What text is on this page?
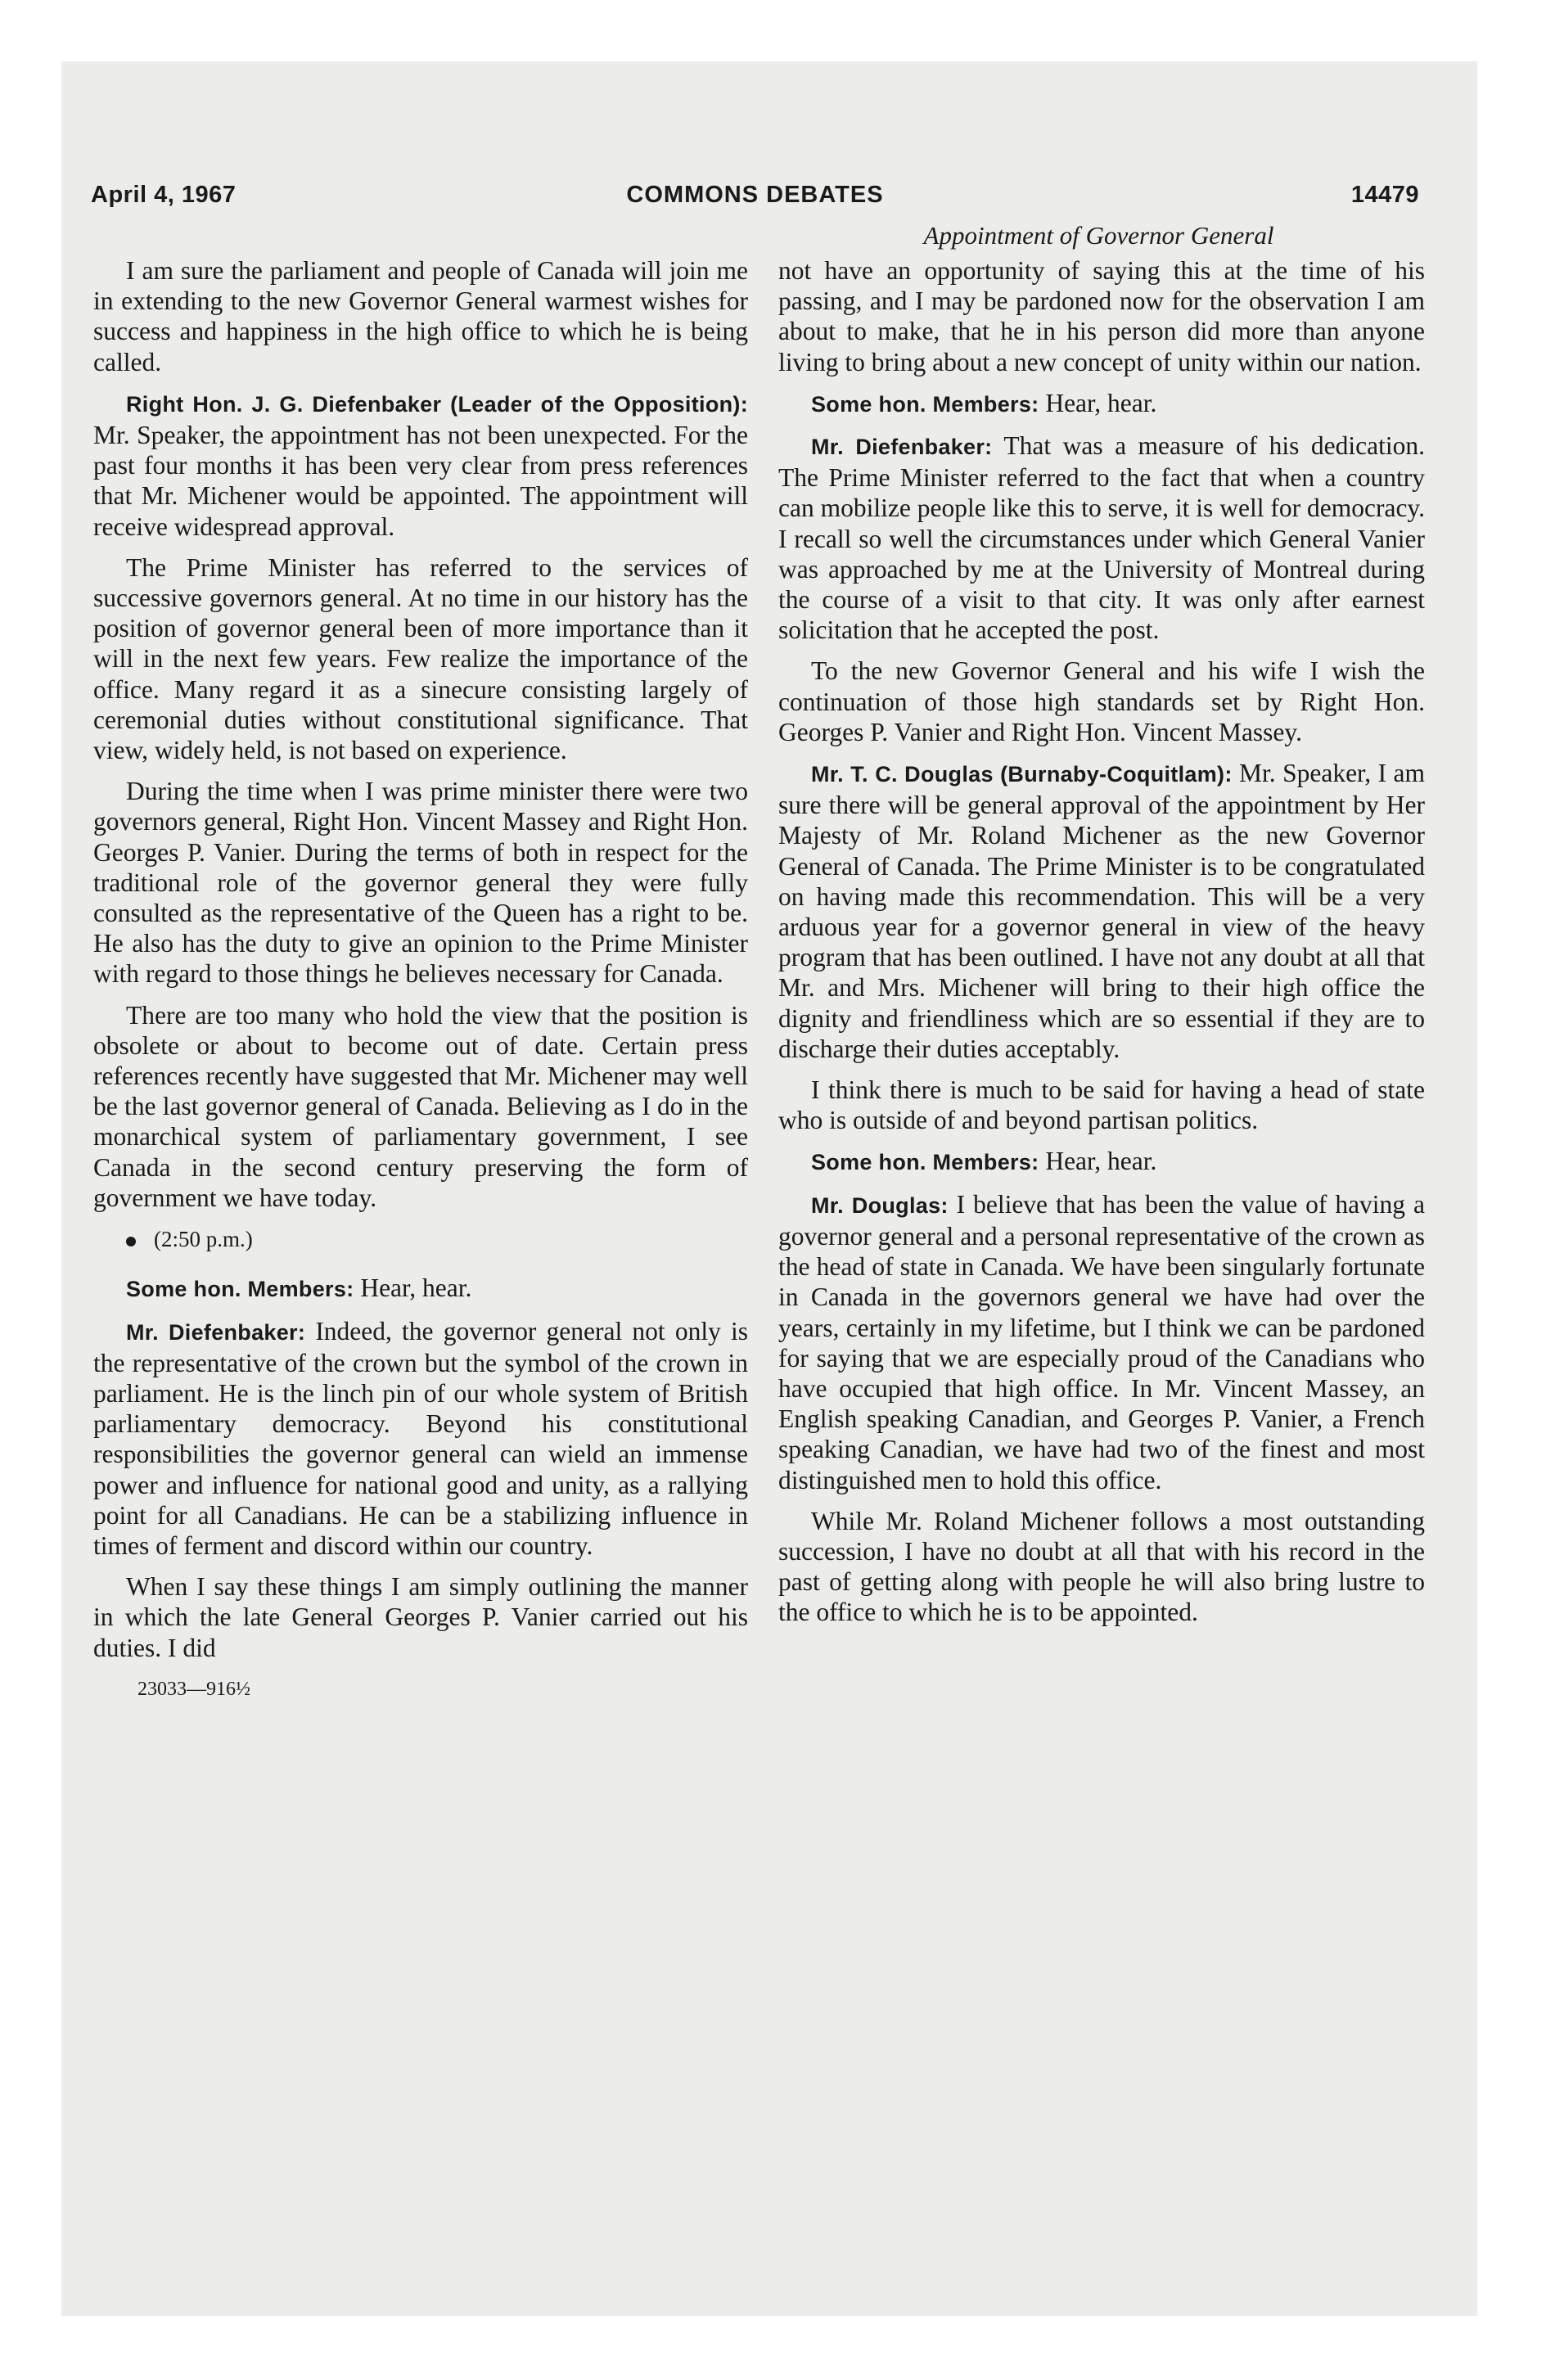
April 4, 1967	COMMONS DEBATES	14479
Appointment of Governor General

I am sure the parliament and people of Canada will join me in extending to the new Governor General warmest wishes for success and happiness in the high office to which he is being called.

Right Hon. J. G. Diefenbaker (Leader of the Opposition): Mr. Speaker, the appointment has not been unexpected. For the past four months it has been very clear from press references that Mr. Michener would be appointed. The appointment will receive widespread approval.

The Prime Minister has referred to the services of successive governors general. At no time in our history has the position of governor general been of more importance than it will in the next few years. Few realize the importance of the office. Many regard it as a sinecure consisting largely of ceremonial duties without constitutional significance. That view, widely held, is not based on experience.

During the time when I was prime minister there were two governors general, Right Hon. Vincent Massey and Right Hon. Georges P. Vanier. During the terms of both in respect for the traditional role of the governor general they were fully consulted as the representative of the Queen has a right to be. He also has the duty to give an opinion to the Prime Minister with regard to those things he believes necessary for Canada.

There are too many who hold the view that the position is obsolete or about to become out of date. Certain press references recently have suggested that Mr. Michener may well be the last governor general of Canada. Believing as I do in the monarchical system of parliamentary government, I see Canada in the second century preserving the form of government we have today.

(2:50 p.m.)

Some hon. Members: Hear, hear.

Mr. Diefenbaker: Indeed, the governor general not only is the representative of the crown but the symbol of the crown in parliament. He is the linch pin of our whole system of British parliamentary democracy. Beyond his constitutional responsibilities the governor general can wield an immense power and influence for national good and unity, as a rallying point for all Canadians. He can be a stabilizing influence in times of ferment and discord within our country.

When I say these things I am simply outlining the manner in which the late General Georges P. Vanier carried out his duties. I did

23033—916½

not have an opportunity of saying this at the time of his passing, and I may be pardoned now for the observation I am about to make, that he in his person did more than anyone living to bring about a new concept of unity within our nation.

Some hon. Members: Hear, hear.

Mr. Diefenbaker: That was a measure of his dedication. The Prime Minister referred to the fact that when a country can mobilize people like this to serve, it is well for democracy. I recall so well the circumstances under which General Vanier was approached by me at the University of Montreal during the course of a visit to that city. It was only after earnest solicitation that he accepted the post.

To the new Governor General and his wife I wish the continuation of those high standards set by Right Hon. Georges P. Vanier and Right Hon. Vincent Massey.

Mr. T. C. Douglas (Burnaby-Coquitlam): Mr. Speaker, I am sure there will be general approval of the appointment by Her Majesty of Mr. Roland Michener as the new Governor General of Canada. The Prime Minister is to be congratulated on having made this recommendation. This will be a very arduous year for a governor general in view of the heavy program that has been outlined. I have not any doubt at all that Mr. and Mrs. Michener will bring to their high office the dignity and friendliness which are so essential if they are to discharge their duties acceptably.

I think there is much to be said for having a head of state who is outside of and beyond partisan politics.

Some hon. Members: Hear, hear.

Mr. Douglas: I believe that has been the value of having a governor general and a personal representative of the crown as the head of state in Canada. We have been singularly fortunate in Canada in the governors general we have had over the years, certainly in my lifetime, but I think we can be pardoned for saying that we are especially proud of the Canadians who have occupied that high office. In Mr. Vincent Massey, an English speaking Canadian, and Georges P. Vanier, a French speaking Canadian, we have had two of the finest and most distinguished men to hold this office.

While Mr. Roland Michener follows a most outstanding succession, I have no doubt at all that with his record in the past of getting along with people he will also bring lustre to the office to which he is to be appointed.
